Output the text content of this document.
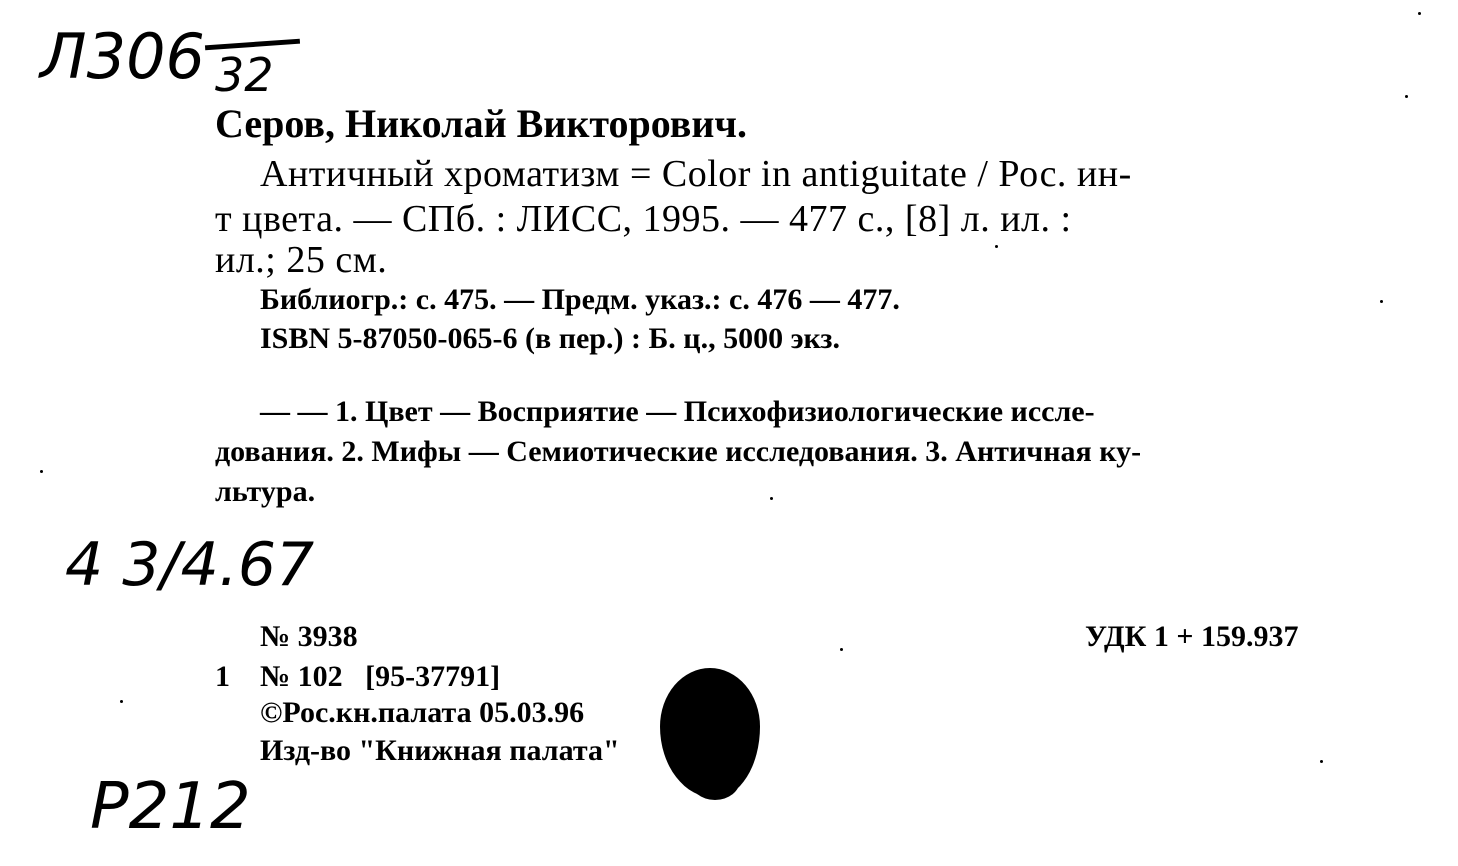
Л306 32
Серов, Николай Викторович.
Античный хроматизм = Color in antiguitate / Рос. ин-
т цвета. — СПб. : ЛИСС, 1995. — 477 с., [8] л. ил. :
ил.; 25 см.
Библиогр.: с. 475. — Предм. указ.: с. 476 — 477.
ISBN 5-87050-065-6 (в пер.) : Б. ц., 5000 экз.
— — 1. Цвет — Восприятие — Психофизиологические иссле-
дования. 2. Мифы — Семиотические исследования. 3. Античная ку-
льтура.
4 3/4.67
№ 3938
1 № 102   [95-37791]
©Рос.кн.палата 05.03.96
Изд-во "Книжная палата"
УДК 1 + 159.937
Р212
